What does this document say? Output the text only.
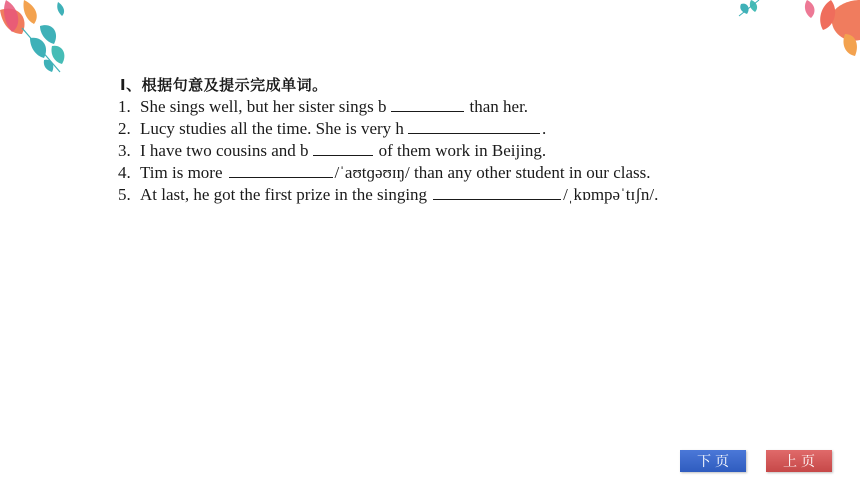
Ⅰ、根据句意及提示完成单词。
1. She sings well, but her sister sings b	than her.
2. Lucy studies all the time. She is very h	.
3. I have two cousins and b	of them work in Beijing.
4. Tim is more	/ˈaʊtɡəʊɪŋ/ than any other student in our class.
5. At last, he got the first prize in the singing	/ˌkɒmpəˈtɪʃn/.
下页	上页
